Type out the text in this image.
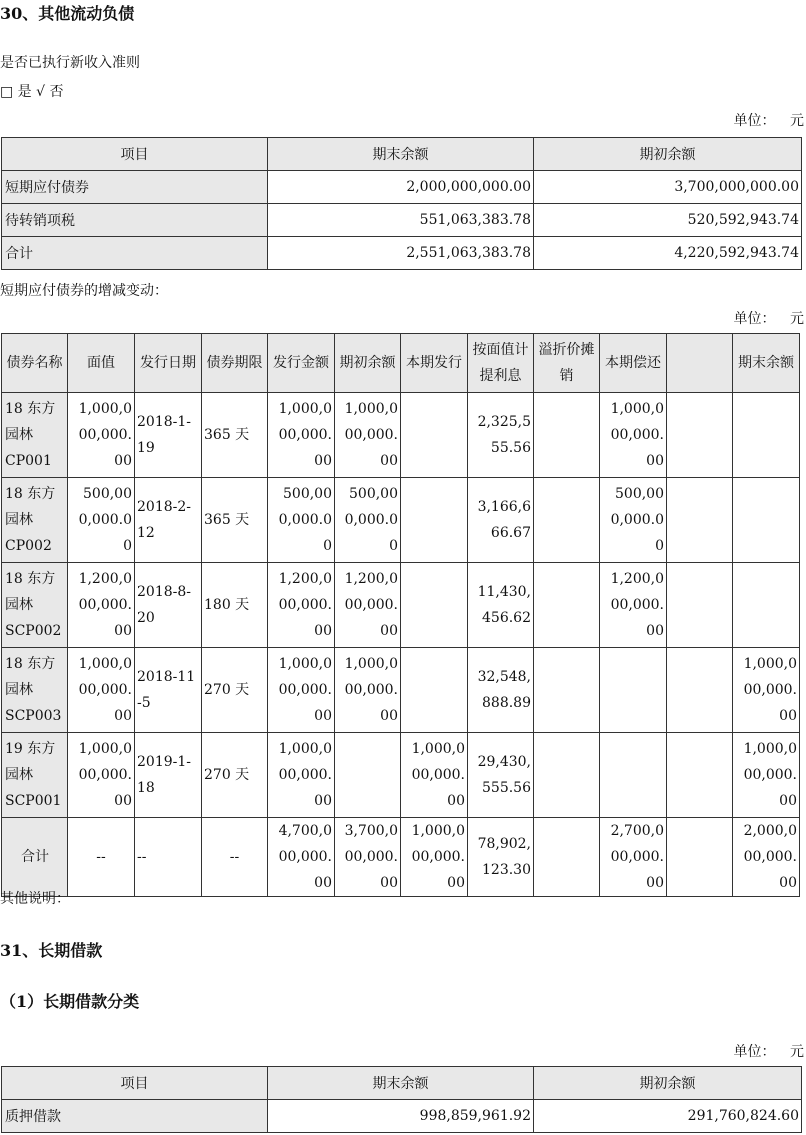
30、其他流动负债
是否已执行新收入准则
□ 是 √ 否
单位： 元
项目	期末余额	期初余额
短期应付债券	2,000,000,000.00	3,700,000,000.00
待转销项税	551,063,383.78	520,592,943.74
合计	2,551,063,383.78	4,220,592,943.74
短期应付债券的增减变动：
单位： 元
债券名称	面值	发行日期	债券期限	发行金额	期初余额	本期发行	按面值计提利息	溢折价摊销	本期偿还		期末余额
18 东方园林 CP001	1,000,000,000.00	2018-1-19	365 天	1,000,000,000.00	1,000,000,000.00		2,325,555.56		1,000,000,000.00		
18 东方园林 CP002	500,000,000.00	2018-2-12	365 天	500,000,000.00	500,000,000.00		3,166,666.67		500,000,000.00		
18 东方园林 SCP002	1,200,000,000.00	2018-8-20	180 天	1,200,000,000.00	1,200,000,000.00		11,430,456.62		1,200,000,000.00		
18 东方园林 SCP003	1,000,000,000.00	2018-11-5	270 天	1,000,000,000.00	1,000,000,000.00		32,548,888.89				1,000,000,000.00
19 东方园林 SCP001	1,000,000,000.00	2019-1-18	270 天	1,000,000,000.00		1,000,000,000.00	29,430,555.56				1,000,000,000.00
合计	--	--	--	4,700,000,000.00	3,700,000,000.00	1,000,000,000.00	78,902,123.30		2,700,000,000.00		2,000,000,000.00
其他说明：
31、长期借款
（1）长期借款分类
单位： 元
项目	期末余额	期初余额
质押借款	998,859,961.92	291,760,824.60
